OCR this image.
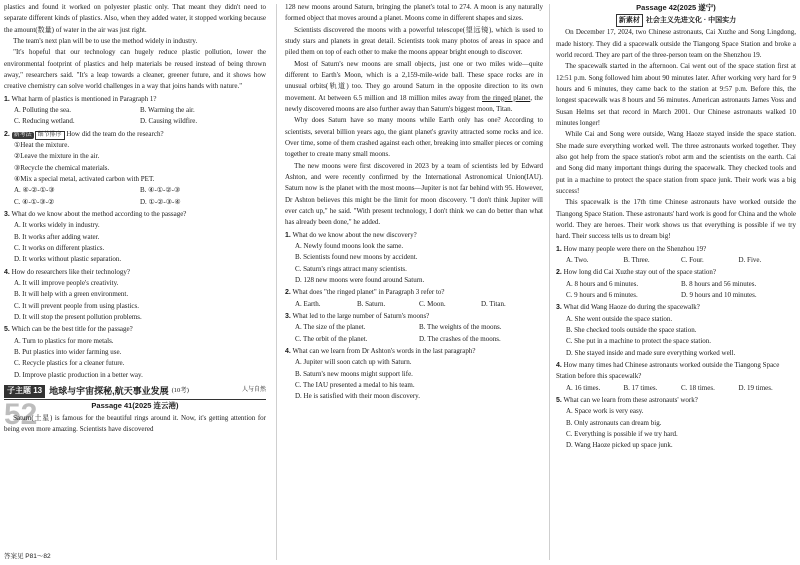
plastics and found it worked on polyester plastic only. That meant they didn't need to separate different kinds of plastics. Also, when they added water, it stopped working because the amount(数量) of water in the air was just right.

The team's next plan will be to use the method widely in industry.

"It's hopeful that our technology can hugely reduce plastic pollution, lower the environmental footprint of plastics and help materials be reused instead of being thrown away," researchers said. "It's a leap towards a cleaner, greener future, and it shows how creative chemistry can solve world challenges in a way that joins hands with nature."

1. What harm of plastics is mentioned in Paragraph 1?

A. Polluting the sea.	B. Warming the air.
C. Reducing wetland.	D. Causing wildfire.

2. 新考法 细节排序 How did the team do the research?

①Heat the mixture.
②Leave the mixture in the air.
③Recycle the chemical materials.
④Mix a special metal, activated carbon with PET.
A. ④-②-①-③	B. ④-①-②-③
C. ④-①-③-②	D. ①-②-③-④

3. What do we know about the method according to the passage?

A. It works widely in industry.
B. It works after adding water.
C. It works on different plastics.
D. It works without plastic separation.

4. How do researchers like their technology?

A. It will improve people's creativity.
B. It will help with a green environment.
C. It will prevent people from using plastics.
D. It will stop the present pollution problems.

5. Which can be the best title for the passage?

A. Turn to plastics for more metals.
B. Put plastics into wider farming use.
C. Recycle plastics for a cleaner future.
D. Improve plastic production in a better way.
子主题 13 地球与宇宙探秘,航天事业发展 (10考)	人与自然
52	Passage 41(2025 连云港)

Saturn(土星) is famous for the beautiful rings around it. Now, it's getting attention for being even more amazing. Scientists have discovered

答案见 P81～82

128 new moons around Saturn, bringing the planet's total to 274. A moon is any naturally formed object that moves around a planet. Moons come in different shapes and sizes.

Scientists discovered the moons with a powerful telescope(望远镜), which is used to study stars and planets in great detail. Scientists took many photos of areas in space and piled them on top of each other to make the moons appear bright enough to discover.

Most of Saturn's new moons are small objects, just one or two miles wide—quite different to Earth's Moon, which is a 2,159-mile-wide ball. These space rocks are in unusual orbits(轨道) too. They go around Saturn in the opposite direction to its own movement. At between 6.5 million and 18 million miles away from the ringed planet, the newly discovered moons are also further away than Saturn's biggest moon, Titan.

Why does Saturn have so many moons while Earth only has one? According to scientists, several billion years ago, the giant planet's gravity attracted some rocks and ice. Over time, some of them crashed against each other, breaking into smaller pieces or coming together to create many small moons.

The new moons were first discovered in 2023 by a team of scientists led by Edward Ashton, and were recently confirmed by the International Astronomical Union(IAU). Saturn now is the planet with the most moons—Jupiter is not far behind with 95. However, Dr Ashton believes this might be the limit for moon discovery. "I don't think Jupiter will ever catch up," he said. "With present technology, I don't think we can do better than what has already been done," he added.

1. What do we know about the new discovery?

A. Newly found moons look the same.
B. Scientists found new moons by accident.
C. Saturn's rings attract many scientists.
D. 128 new moons were found around Saturn.

2. What does "the ringed planet" in Paragraph 3 refer to?

A. Earth.	B. Saturn.	C. Moon.	D. Titan.

3. What led to the large number of Saturn's moons?

A. The size of the planet.	B. The weights of the moons.
C. The orbit of the planet.	D. The crashes of the moons.

4. What can we learn from Dr Ashton's words in the last paragraph?

A. Jupiter will soon catch up with Saturn.
B. Saturn's new moons might support life.
C. The IAU presented a medal to his team.
D. He is satisfied with their moon discovery.
Passage 42(2025 遂宁)
新素材 社会主义先进文化 · 中国实力

On December 17, 2024, two Chinese astronauts, Cai Xuzhe and Song Lingdong, made history. They did a spacewalk outside the Tiangong Space Station and broke a world record. They are part of the three-person team on the Shenzhou 19.

The spacewalk started in the afternoon. Cai went out of the space station first at 12:51 p.m. Song followed him about 90 minutes later. After working very hard for 9 hours and 6 minutes, they came back to the station at 9:57 p.m. Before this, the longest spacewalk was 8 hours and 56 minutes. American astronauts James Voss and Susan Helms set that record in March 2001. Our Chinese astronauts walked 10 minutes longer!

While Cai and Song were outside, Wang Haoze stayed inside the space station. She made sure everything worked well. The three astronauts worked together. They also got help from the space station's robot arm and the scientists on the earth. Cai and Song did many important things during the spacewalk. They checked tools and put in a machine to protect the space station from space junk. Their work was a big success!

This spacewalk is the 17th time Chinese astronauts have worked outside the Tiangong Space Station. These astronauts' hard work is good for China and the whole world. They are heroes. Their work shows us that everything is possible if we try hard. Their success tells us to dream big!

1. How many people were there on the Shenzhou 19?

A. Two.	B. Three.	C. Four.	D. Five.

2. How long did Cai Xuzhe stay out of the space station?

A. 8 hours and 6 minutes.	B. 8 hours and 56 minutes.
C. 9 hours and 6 minutes.	D. 9 hours and 10 minutes.

3. What did Wang Haoze do during the spacewalk?

A. She went outside the space station.
B. She checked tools outside the space station.
C. She put in a machine to protect the space station.
D. She stayed inside and made sure everything worked well.

4. How many times had Chinese astronauts worked outside the Tiangong Space Station before this spacewalk?

A. 16 times.	B. 17 times.	C. 18 times.	D. 19 times.

5. What can we learn from these astronauts' work?

A. Space work is very easy.
B. Only astronauts can dream big.
C. Everything is possible if we try hard.
D. Wang Haoze picked up space junk.
